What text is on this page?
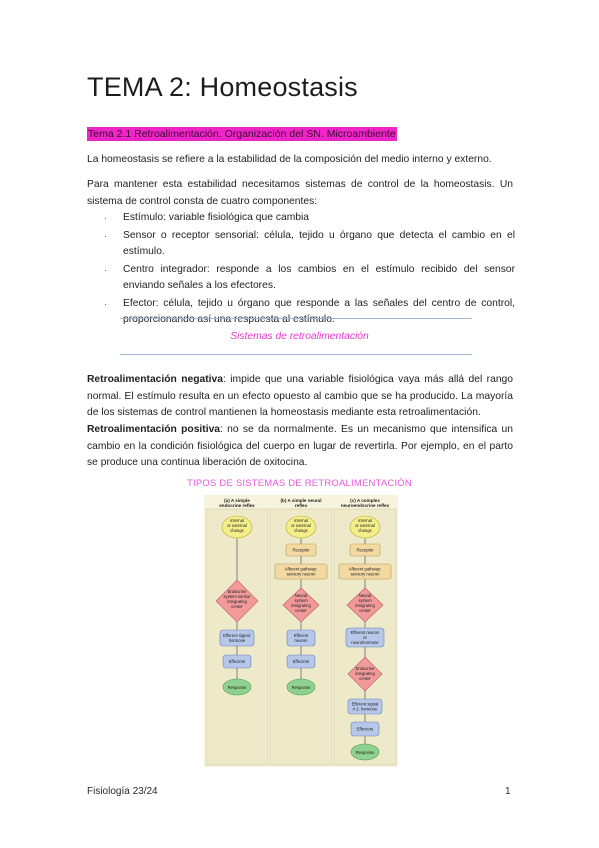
TEMA 2: Homeostasis
Tema 2.1 Retroalimentación. Organización del SN. Microambiente

La homeostasis se refiere a la estabilidad de la composición del medio interno y externo.

Para mantener esta estabilidad necesitamos sistemas de control de la homeostasis. Un sistema de control consta de cuatro componentes:

· Estímulo: variable fisiológica que cambia
· Sensor o receptor sensorial: célula, tejido u órgano que detecta el cambio en el estímulo.
· Centro integrador: responde a los cambios en el estímulo recibido del sensor enviando señales a los efectores.
· Efector: célula, tejido u órgano que responde a las señales del centro de control, proporcionando así una respuesta al estímulo.
Sistemas de retroalimentación

Retroalimentación negativa: impide que una variable fisiológica vaya más allá del rango normal. El estímulo resulta en un efecto opuesto al cambio que se ha producido. La mayoría de los sistemas de control mantienen la homeostasis mediante esta retroalimentación.

Retroalimentación positiva: no se da normalmente. Es un mecanismo que intensifica un cambio en la condición fisiológica del cuerpo en lugar de revertirla. Por ejemplo, en el parto se produce una continua liberación de oxitocina.

TIPOS DE SISTEMAS DE RETROALIMENTACIÓN
(a) A simple
endocrine reflex
(b) A simple neural
reflex
(c) A complex
neuroendocrine reflex
Internal
or external
change
Endocrine
system sensor
integrating
center
Efferent signal:
hormone
Effectors
Response
Internal
or external
change
Receptor
Afferent pathway:
sensory neuron
Neural
system
integrating
center
Efferent
neuron
Effectors
Response
Internal
or external
change
Receptor
Afferent pathway:
sensory neuron
Neural
system
integrating
center
Efferent neuron
or
neurohormone
Endocrine
integrating
center
Efferent signal
# 2: hormone
Effectors
Response
Fisiología 23/24	1
